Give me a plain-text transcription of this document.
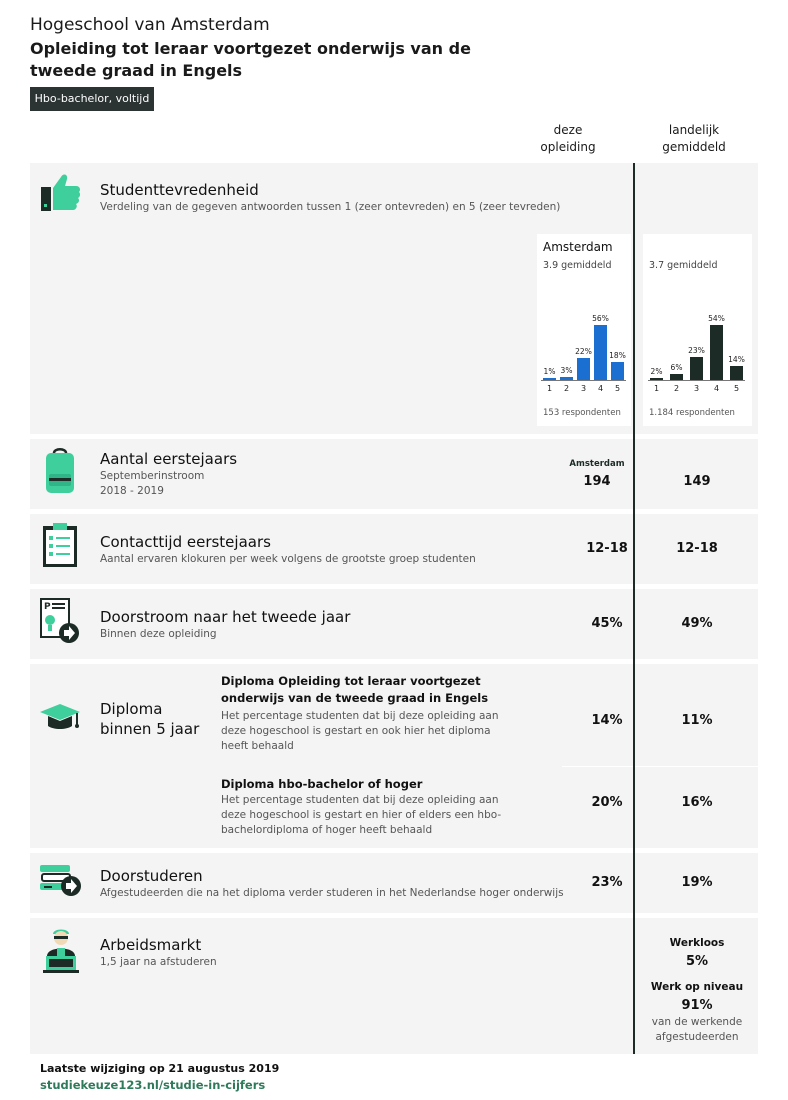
Hogeschool van Amsterdam
Opleiding tot leraar voortgezet onderwijs van de tweede graad in Engels
Hbo-bachelor, voltijd
deze
opleiding
landelijk
gemiddeld
Studenttevredenheid
Verdeling van de gegeven antwoorden tussen 1 (zeer ontevreden) en 5 (zeer tevreden)
Amsterdam
3.9 gemiddeld
1%
1
3%
2
22%
3
56%
4
18%
5
153 respondenten
3.7 gemiddeld
2%
1
6%
2
23%
3
54%
4
14%
5
1.184 respondenten
Aantal eerstejaars
Septemberinstroom
2018 - 2019
Amsterdam
194	149
Contacttijd eerstejaars
Aantal ervaren klokuren per week volgens de grootste groep studenten
12-18	12-18
P
Doorstroom naar het tweede jaar
Binnen deze opleiding
45%	49%
Diploma
binnen 5 jaar
Diploma Opleiding tot leraar voortgezet
onderwijs van de tweede graad in Engels
Het percentage studenten dat bij deze opleiding aan
deze hogeschool is gestart en ook hier het diploma
heeft behaald
14%	11%
Diploma hbo-bachelor of hoger
Het percentage studenten dat bij deze opleiding aan
deze hogeschool is gestart en hier of elders een hbo-
bachelordiploma of hoger heeft behaald
20%	16%
Doorstuderen
Afgestudeerden die na het diploma verder studeren in het Nederlandse hoger onderwijs
23%	19%
Arbeidsmarkt
1,5 jaar na afstuderen
Werkloos
5%
Werk op niveau
91%
van de werkende
afgestudeerden
Laatste wijziging op 21 augustus 2019
studiekeuze123.nl/studie-in-cijfers
